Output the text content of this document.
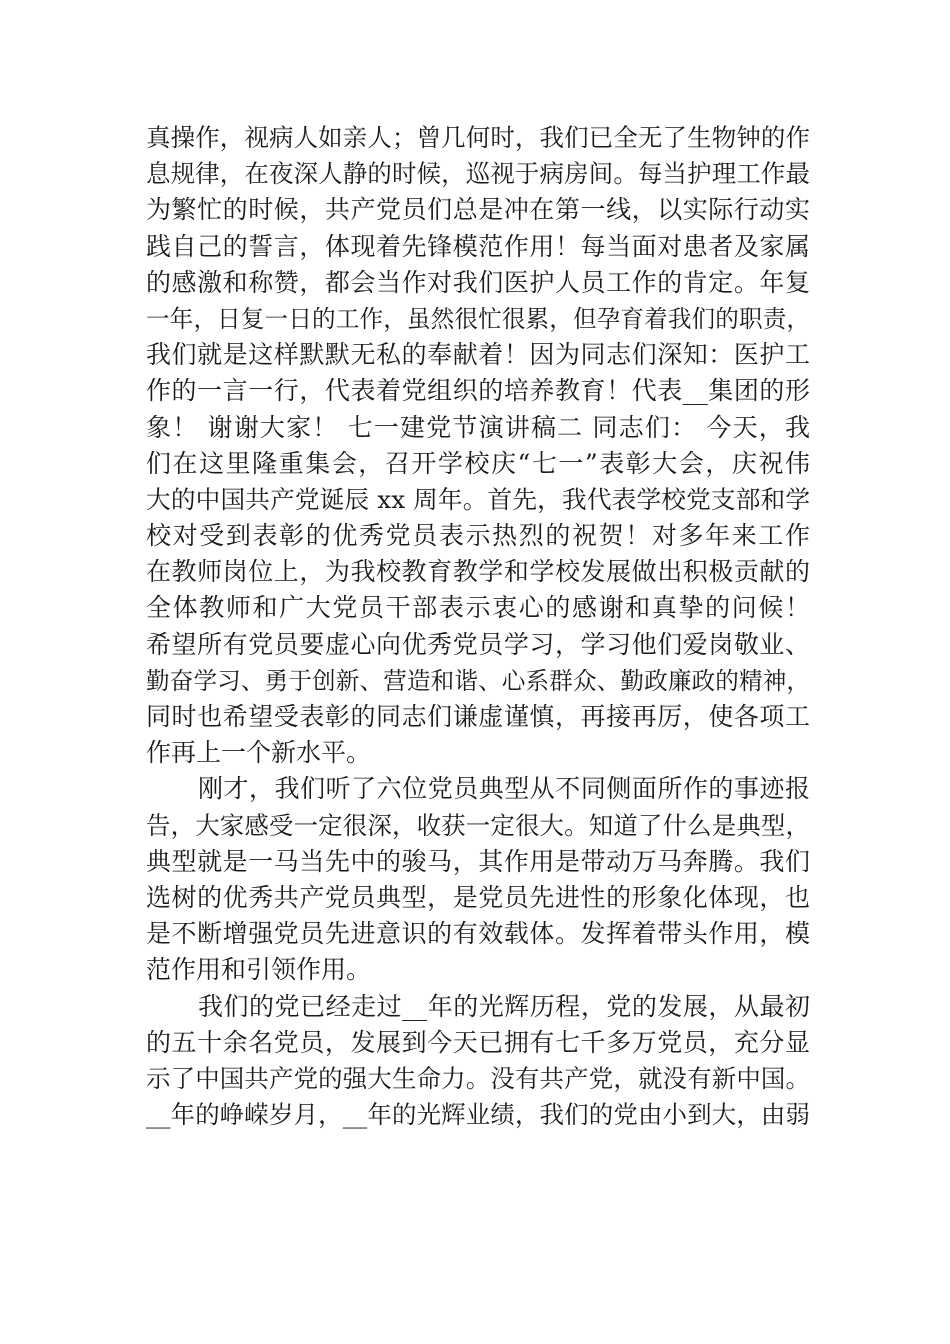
真操作，视病人如亲人；曾几何时，我们已全无了生物钟的作
息规律，在夜深人静的时候，巡视于病房间。每当护理工作最
为繁忙的时候，共产党员们总是冲在第一线，以实际行动实
践自己的誓言，体现着先锋模范作用！每当面对患者及家属
的感激和称赞，都会当作对我们医护人员工作的肯定。年复
一年，日复一日的工作，虽然很忙很累，但孕育着我们的职责，
我们就是这样默默无私的奉献着！因为同志们深知：医护工
作的一言一行，代表着党组织的培养教育！代表__集团的形
象！ 谢谢大家！ 七一建党节演讲稿二 同志们： 今天，我
们在这里隆重集会，召开学校庆“七一”表彰大会，庆祝伟
大的中国共产党诞辰 xx 周年。首先，我代表学校党支部和学
校对受到表彰的优秀党员表示热烈的祝贺！对多年来工作
在教师岗位上，为我校教育教学和学校发展做出积极贡献的
全体教师和广大党员干部表示衷心的感谢和真挚的问候！
希望所有党员要虚心向优秀党员学习，学习他们爱岗敬业、
勤奋学习、勇于创新、营造和谐、心系群众、勤政廉政的精神，
同时也希望受表彰的同志们谦虚谨慎，再接再厉，使各项工
作再上一个新水平。
刚才，我们听了六位党员典型从不同侧面所作的事迹报
告，大家感受一定很深，收获一定很大。知道了什么是典型，
典型就是一马当先中的骏马，其作用是带动万马奔腾。我们
选树的优秀共产党员典型，是党员先进性的形象化体现，也
是不断增强党员先进意识的有效载体。发挥着带头作用，模
范作用和引领作用。
我们的党已经走过__年的光辉历程，党的发展，从最初
的五十余名党员，发展到今天已拥有七千多万党员，充分显
示了中国共产党的强大生命力。没有共产党，就没有新中国。
__年的峥嵘岁月，__年的光辉业绩，我们的党由小到大，由弱
